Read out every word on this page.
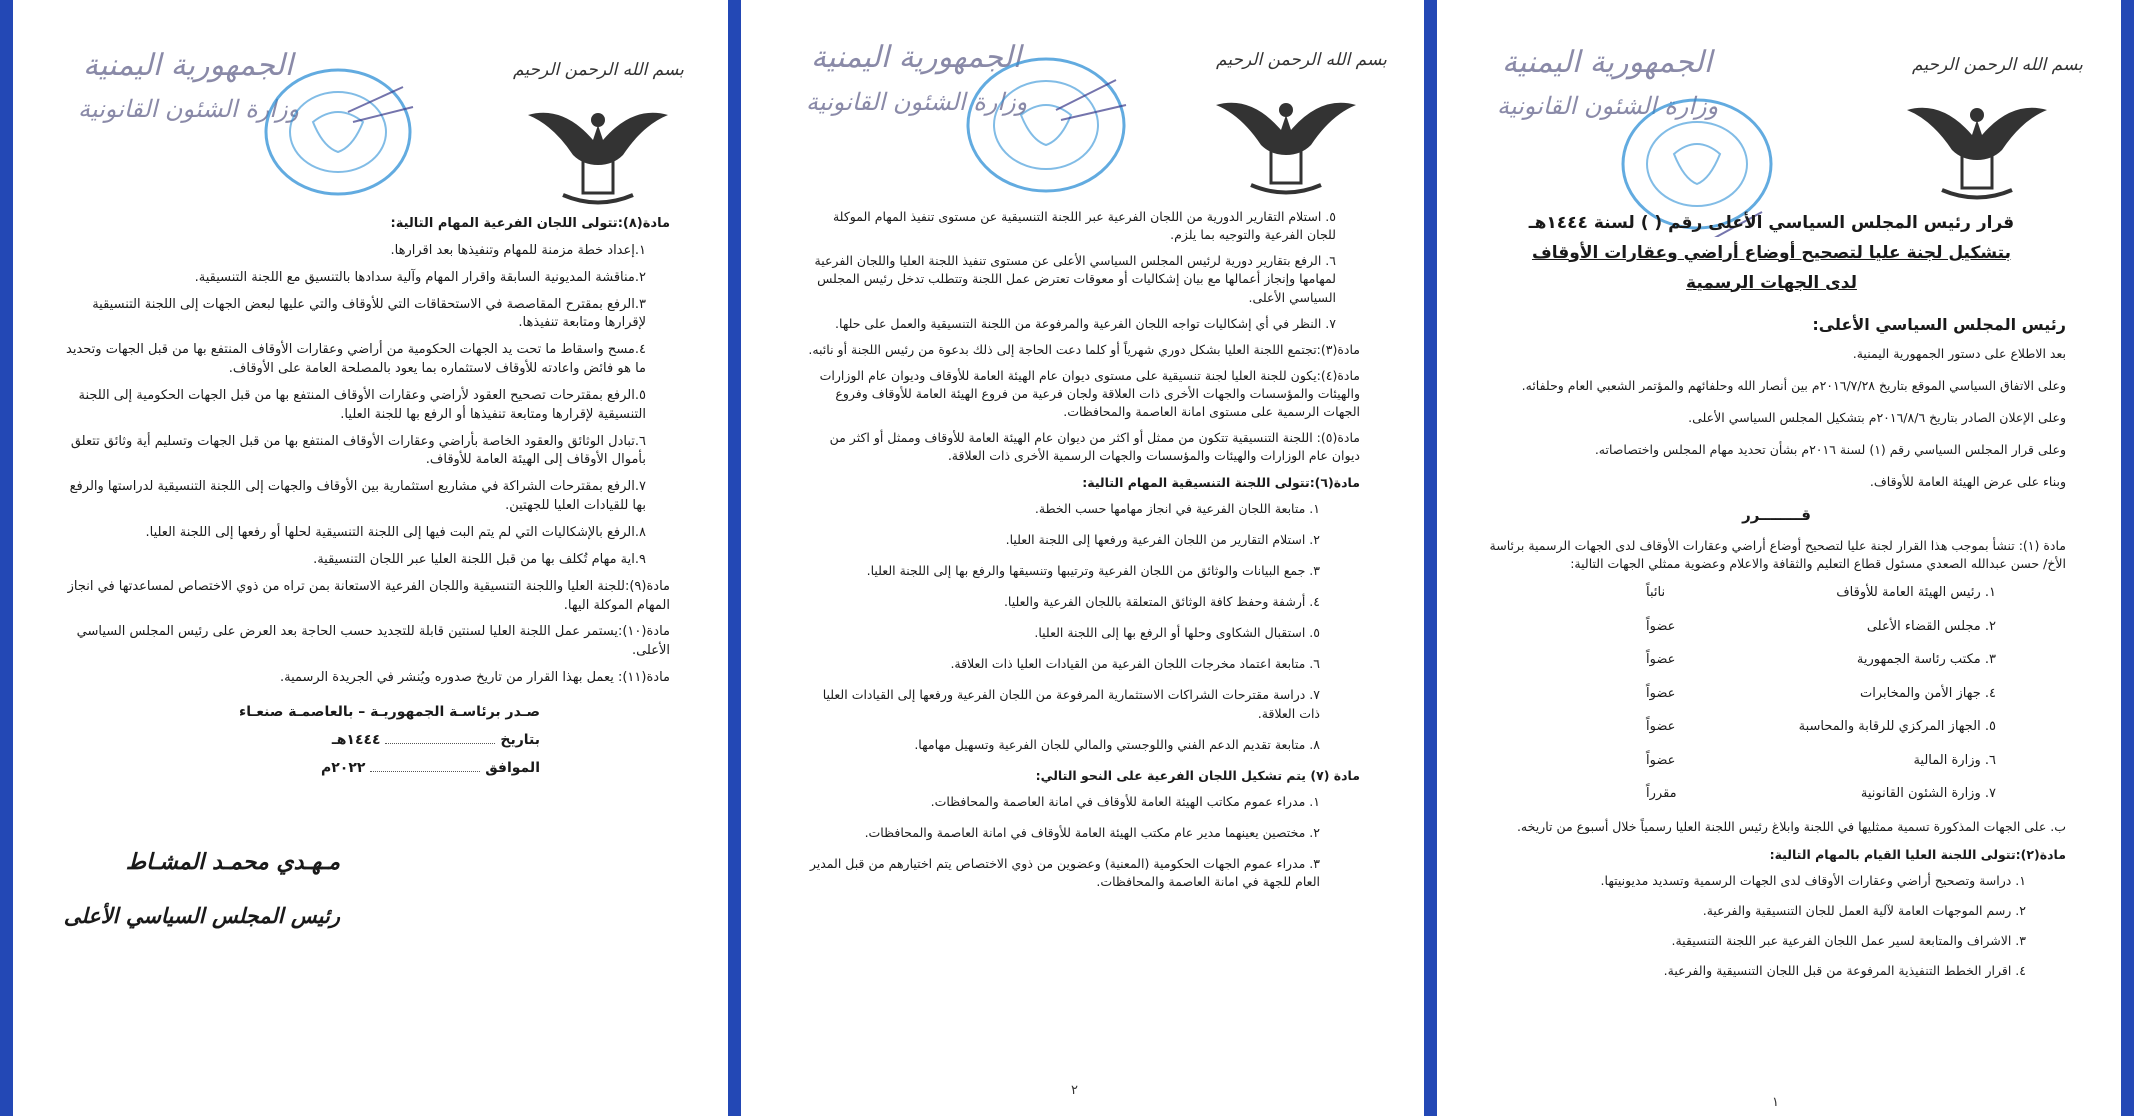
الجمهورية اليمنية
وزارة الشئون القانونية
بسم الله الرحمن الرحيم

مادة(٨):تتولى اللجان الفرعية المهام التالية:

١.إعداد خطة مزمنة للمهام وتنفيذها بعد اقرارها.

٢.مناقشة المديونية السابقة واقرار المهام وآلية سدادها بالتنسيق مع اللجنة التنسيقية.

٣.الرفع بمقترح المقاصصة في الاستحقاقات التي للأوقاف والتي عليها لبعض الجهات إلى اللجنة التنسيقية لإقرارها ومتابعة تنفيذها.

٤.مسح واسقاط ما تحت يد الجهات الحكومية من أراضي وعقارات الأوقاف المنتفع بها من قبل الجهات وتحديد ما هو فائض واعادته للأوقاف لاستثماره بما يعود بالمصلحة العامة على الأوقاف.

٥.الرفع بمقترحات تصحيح العقود لأراضي وعقارات الأوقاف المنتفع بها من قبل الجهات الحكومية إلى اللجنة التنسيقية لإقرارها ومتابعة تنفيذها أو الرفع بها للجنة العليا.

٦.تبادل الوثائق والعقود الخاصة بأراضي وعقارات الأوقاف المنتفع بها من قبل الجهات وتسليم أية وثائق تتعلق بأموال الأوقاف إلى الهيئة العامة للأوقاف.

٧.الرفع بمقترحات الشراكة في مشاريع استثمارية بين الأوقاف والجهات إلى اللجنة التنسيقية لدراستها والرفع بها للقيادات العليا للجهتين.

٨.الرفع بالإشكاليات التي لم يتم البت فيها إلى اللجنة التنسيقية لحلها أو رفعها إلى اللجنة العليا.

٩.اية مهام تُكلف بها من قبل اللجنة العليا عبر اللجان التنسيقية.

مادة(٩):للجنة العليا واللجنة التنسيقية واللجان الفرعية الاستعانة بمن تراه من ذوي الاختصاص لمساعدتها في انجاز المهام الموكلة اليها.

مادة(١٠):يستمر عمل اللجنة العليا لسنتين قابلة للتجديد حسب الحاجة بعد العرض على رئيس المجلس السياسي الأعلى.

مادة(١١): يعمل بهذا القرار من تاريخ صدوره ويُنشر في الجريدة الرسمية.

صـدر برئاسـة الجمهوريـة – بالعاصمـة صنعـاء

بتاريخ  ١٤٤٤هـ

الموافق  ٢٠٢٢م

مـهـدي محمـد المشـاط
رئيس المجلس السياسي الأعلى
الجمهورية اليمنية
وزارة الشئون القانونية
بسم الله الرحمن الرحيم

٥. استلام التقارير الدورية من اللجان الفرعية عبر اللجنة التنسيقية عن مستوى تنفيذ المهام الموكلة للجان الفرعية والتوجيه بما يلزم.

٦. الرفع بتقارير دورية لرئيس المجلس السياسي الأعلى عن مستوى تنفيذ اللجنة العليا واللجان الفرعية لمهامها وإنجاز أعمالها مع بيان إشكاليات أو معوقات تعترض عمل اللجنة وتتطلب تدخل رئيس المجلس السياسي الأعلى.

٧. النظر في أي إشكاليات تواجه اللجان الفرعية والمرفوعة من اللجنة التنسيقية والعمل على حلها.

مادة(٣):تجتمع اللجنة العليا بشكل دوري شهرياً أو كلما دعت الحاجة إلى ذلك بدعوة من رئيس اللجنة أو نائبه.

مادة(٤):يكون للجنة العليا لجنة تنسيقية على مستوى ديوان عام الهيئة العامة للأوقاف وديوان عام الوزارات والهيئات والمؤسسات والجهات الأخرى ذات العلاقة ولجان فرعية من فروع الهيئة العامة للأوقاف وفروع الجهات الرسمية على مستوى امانة العاصمة والمحافظات.

مادة(٥): اللجنة التنسيقية تتكون من ممثل أو اكثر من ديوان عام الهيئة العامة للأوقاف وممثل أو اكثر من ديوان عام الوزارات والهيئات والمؤسسات والجهات الرسمية الأخرى ذات العلاقة.

مادة(٦):تتولى اللجنة التنسيقية المهام التالية:

١. متابعة اللجان الفرعية في انجاز مهامها حسب الخطة.

٢. استلام التقارير من اللجان الفرعية ورفعها إلى اللجنة العليا.

٣. جمع البيانات والوثائق من اللجان الفرعية وترتيبها وتنسيقها والرفع بها إلى اللجنة العليا.

٤. أرشفة وحفظ كافة الوثائق المتعلقة باللجان الفرعية والعليا.

٥. استقبال الشكاوى وحلها أو الرفع بها إلى اللجنة العليا.

٦. متابعة اعتماد مخرجات اللجان الفرعية من القيادات العليا ذات العلاقة.

٧. دراسة مقترحات الشراكات الاستثمارية المرفوعة من اللجان الفرعية ورفعها إلى القيادات العليا ذات العلاقة.

٨. متابعة تقديم الدعم الفني واللوجستي والمالي للجان الفرعية وتسهيل مهامها.

مادة (٧) يتم تشكيل اللجان الفرعية على النحو التالي:

١. مدراء عموم مكاتب الهيئة العامة للأوقاف في امانة العاصمة والمحافظات.

٢. مختصين يعينهما مدير عام مكتب الهيئة العامة للأوقاف في امانة العاصمة والمحافظات.

٣. مدراء عموم الجهات الحكومية (المعنية) وعضوين من ذوي الاختصاص يتم اختيارهم من قبل المدير العام للجهة في امانة العاصمة والمحافظات.

٢
الجمهورية اليمنية
وزارة الشئون القانونية
بسم الله الرحمن الرحيم

قرار رئيس المجلس السياسي الأعلى رقم ( ) لسنة ١٤٤٤هـ

بتشكيل لجنة عليا لتصحيح أوضاع أراضي وعقارات الأوقاف

لدى الجهات الرسمية

رئيس المجلس السياسي الأعلى:

بعد الاطلاع على دستور الجمهورية اليمنية.

وعلى الاتفاق السياسي الموقع بتاريخ ٢٠١٦/٧/٢٨م بين أنصار الله وحلفائهم والمؤتمر الشعبي العام وحلفائه.

وعلى الإعلان الصادر بتاريخ ٢٠١٦/٨/٦م بتشكيل المجلس السياسي الأعلى.

وعلى قرار المجلس السياسي رقم (١) لسنة ٢٠١٦م بشأن تحديد مهام المجلس واختصاصاته.

وبناء على عرض الهيئة العامة للأوقاف.

قــــــــرر

مادة (١): تنشأ بموجب هذا القرار لجنة عليا لتصحيح أوضاع أراضي وعقارات الأوقاف لدى الجهات الرسمية برئاسة الأخ/ حسن عبدالله الصعدي مسئول قطاع التعليم والثقافة والاعلام وعضوية ممثلي الجهات التالية:

١. رئيس الهيئة العامة للأوقاف
نائباً
٢. مجلس القضاء الأعلى
عضواً
٣. مكتب رئاسة الجمهورية
عضواً
٤. جهاز الأمن والمخابرات
عضواً
٥. الجهاز المركزي للرقابة والمحاسبة
عضواً
٦. وزارة المالية
عضواً
٧. وزارة الشئون القانونية
مقرراً

ب. على الجهات المذكورة تسمية ممثليها في اللجنة وابلاغ رئيس اللجنة العليا رسمياً خلال أسبوع من تاريخه.

مادة(٢):تتولى اللجنة العليا القيام بالمهام التالية:

١. دراسة وتصحيح أراضي وعقارات الأوقاف لدى الجهات الرسمية وتسديد مديونيتها.

٢. رسم الموجهات العامة لآلية العمل للجان التنسيقية والفرعية.

٣. الاشراف والمتابعة لسير عمل اللجان الفرعية عبر اللجنة التنسيقية.

٤. اقرار الخطط التنفيذية المرفوعة من قبل اللجان التنسيقية والفرعية.

١
